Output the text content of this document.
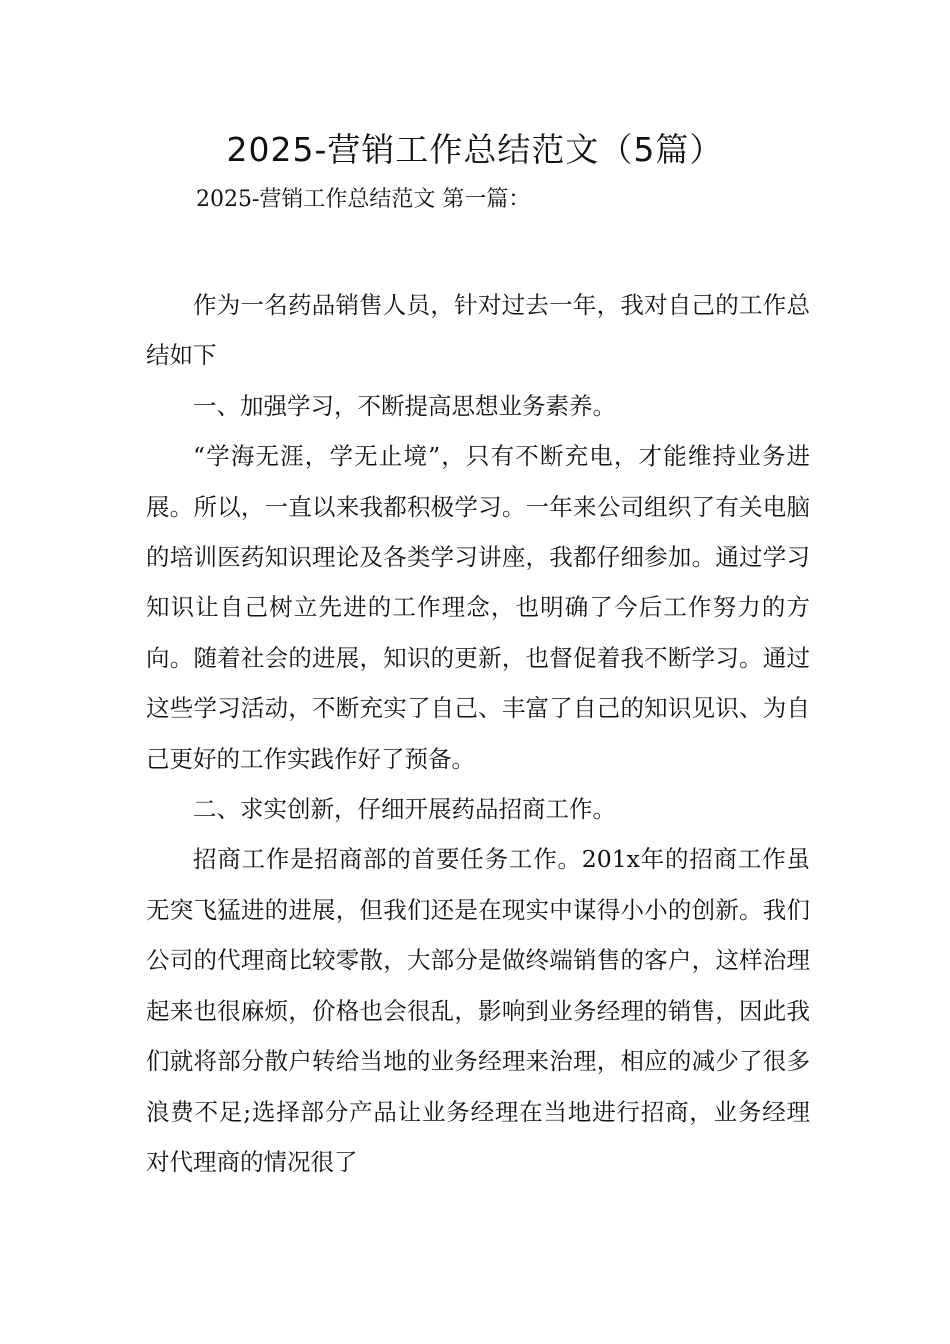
2025-营销工作总结范文（5篇）
2025-营销工作总结范文 第一篇：

作为一名药品销售人员，针对过去一年，我对自己的工作总结如下

一、加强学习，不断提高思想业务素养。

“学海无涯，学无止境”，只有不断充电，才能维持业务进展。所以，一直以来我都积极学习。一年来公司组织了有关电脑的培训医药知识理论及各类学习讲座，我都仔细参加。通过学习知识让自己树立先进的工作理念，也明确了今后工作努力的方向。随着社会的进展，知识的更新，也督促着我不断学习。通过这些学习活动，不断充实了自己、丰富了自己的知识见识、为自己更好的工作实践作好了预备。

二、求实创新，仔细开展药品招商工作。

招商工作是招商部的首要任务工作。201x年的招商工作虽无突飞猛进的进展，但我们还是在现实中谋得小小的创新。我们公司的代理商比较零散，大部分是做终端销售的客户，这样治理起来也很麻烦，价格也会很乱，影响到业务经理的销售，因此我们就将部分散户转给当地的业务经理来治理，相应的减少了很多浪费不足;选择部分产品让业务经理在当地进行招商，业务经理对代理商的情况很了
